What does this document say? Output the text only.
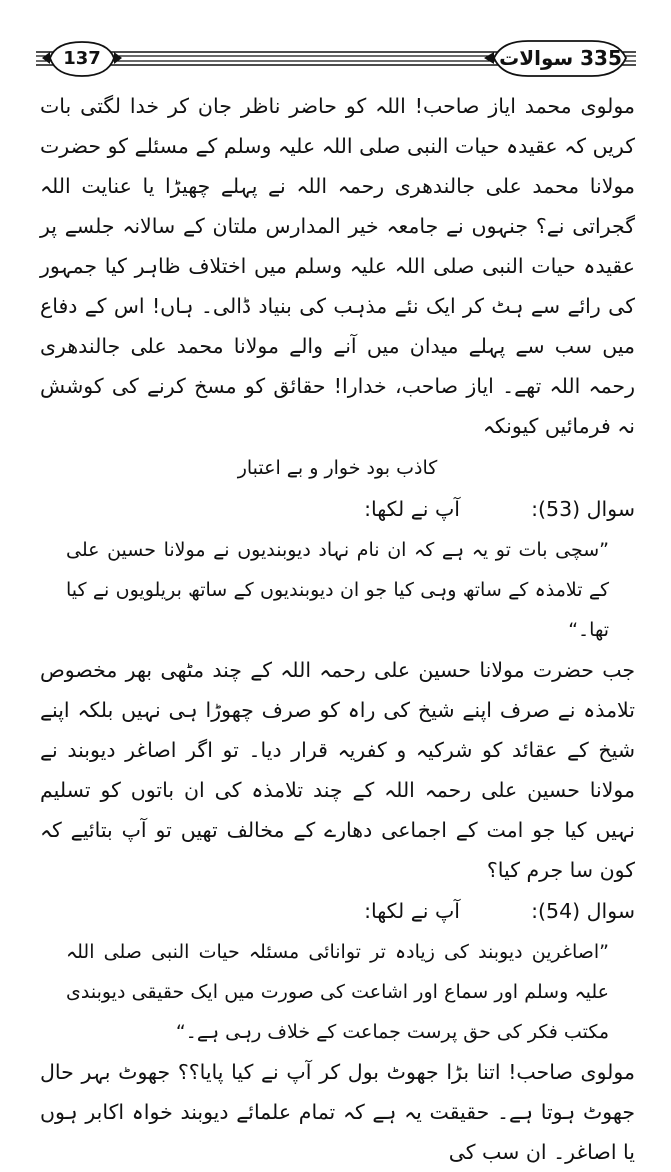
137	335 سوالات

مولوی محمد ایاز صاحب! اللہ کو حاضر ناظر جان کر خدا لگتی بات کریں کہ عقیدہ حیات النبی صلی اللہ علیہ وسلم کے مسئلے کو حضرت مولانا محمد علی جالندھری رحمہ اللہ نے پہلے چھیڑا یا عنایت اللہ گجراتی نے؟ جنہوں نے جامعہ خیر المدارس ملتان کے سالانہ جلسے پر عقیدہ حیات النبی صلی اللہ علیہ وسلم میں اختلاف ظاہر کیا جمہور کی رائے سے ہٹ کر ایک نئے مذہب کی بنیاد ڈالی۔ ہاں! اس کے دفاع میں سب سے پہلے میدان میں آنے والے مولانا محمد علی جالندھری رحمہ اللہ تھے۔ ایاز صاحب، خدارا! حقائق کو مسخ کرنے کی کوشش نہ فرمائیں کیونکہ

کاذب بود خوار و بے اعتبار
سوال (53):
آپ نے لکھا:

”سچی بات تو یہ ہے کہ ان نام نہاد دیوبندیوں نے مولانا حسین علی کے تلامذہ کے ساتھ وہی کیا جو ان دیوبندیوں کے ساتھ بریلویوں نے کیا تھا۔“

جب حضرت مولانا حسین علی رحمہ اللہ کے چند مٹھی بھر مخصوص تلامذہ نے صرف اپنے شیخ کی راہ کو صرف چھوڑا ہی نہیں بلکہ اپنے شیخ کے عقائد کو شرکیہ و کفریہ قرار دیا۔ تو اگر اصاغر دیوبند نے مولانا حسین علی رحمہ اللہ کے چند تلامذہ کی ان باتوں کو تسلیم نہیں کیا جو امت کے اجماعی دھارے کے مخالف تھیں تو آپ بتائیے کہ کون سا جرم کیا؟

سوال (54):
آپ نے لکھا:

”اصاغرین دیوبند کی زیادہ تر توانائی مسئلہ حیات النبی صلی اللہ علیہ وسلم اور سماع اور اشاعت کی صورت میں ایک حقیقی دیوبندی مکتب فکر کی حق پرست جماعت کے خلاف رہی ہے۔“

مولوی صاحب! اتنا بڑا جھوٹ بول کر آپ نے کیا پایا؟؟ جھوٹ بہر حال جھوٹ ہوتا ہے۔ حقیقت یہ ہے کہ تمام علمائے دیوبند خواہ اکابر ہوں یا اصاغر۔ ان سب کی
